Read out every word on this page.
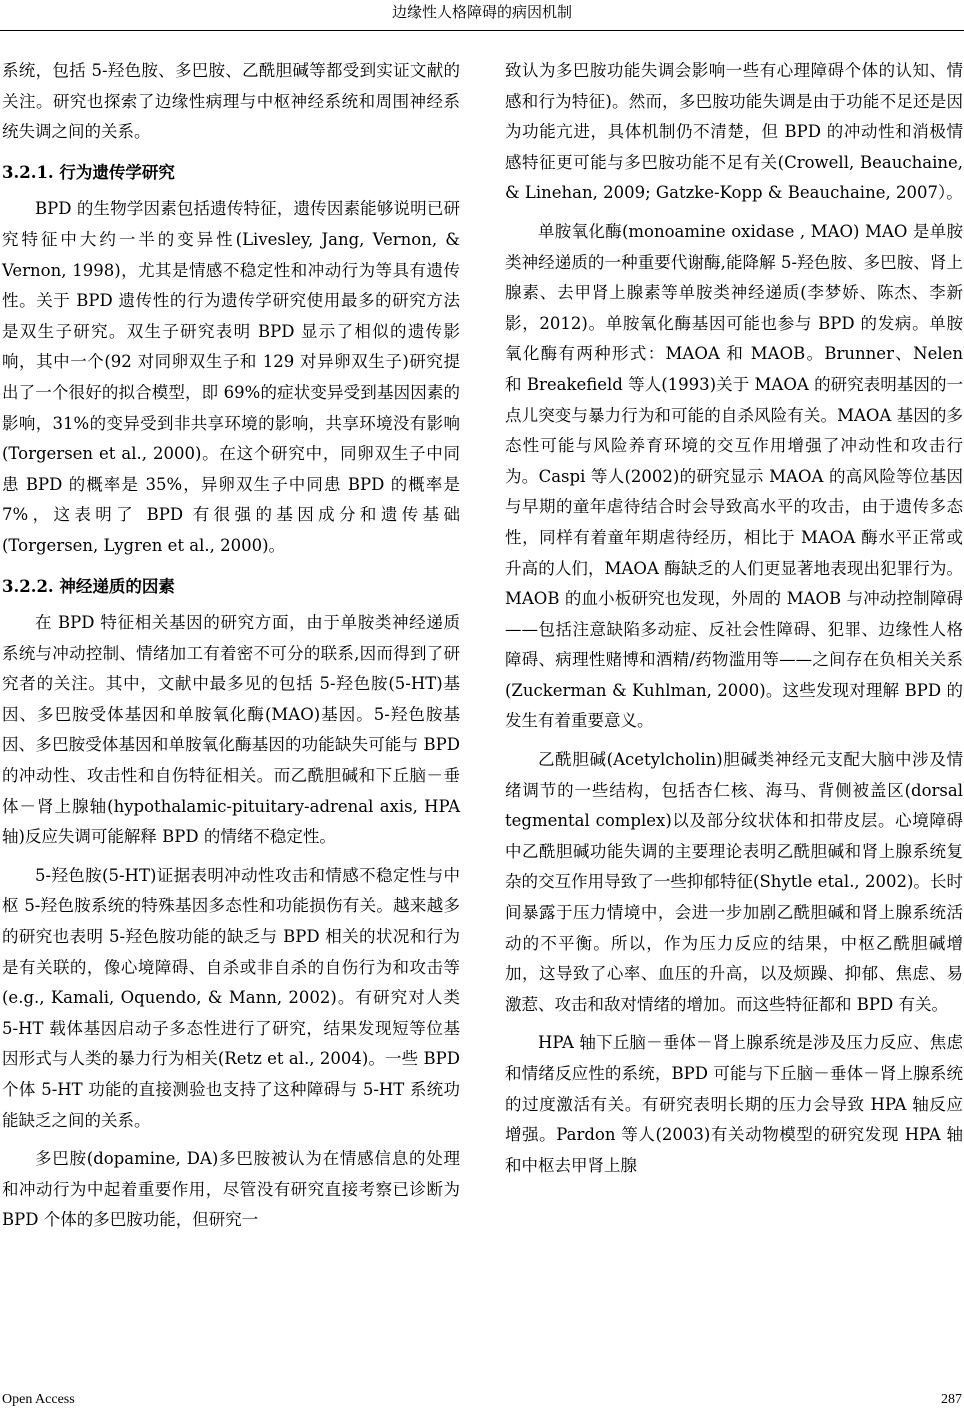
边缘性人格障碍的病因机制

系统，包括 5-羟色胺、多巴胺、乙酰胆碱等都受到实证文献的关注。研究也探索了边缘性病理与中枢神经系统和周围神经系统失调之间的关系。

3.2.1. 行为遗传学研究

BPD 的生物学因素包括遗传特征，遗传因素能够说明已研究特征中大约一半的变异性(Livesley, Jang, Vernon, & Vernon, 1998)，尤其是情感不稳定性和冲动行为等具有遗传性。关于 BPD 遗传性的行为遗传学研究使用最多的研究方法是双生子研究。双生子研究表明 BPD 显示了相似的遗传影响，其中一个(92 对同卵双生子和 129 对异卵双生子)研究提出了一个很好的拟合模型，即 69%的症状变异受到基因因素的影响，31%的变异受到非共享环境的影响，共享环境没有影响(Torgersen et al., 2000)。在这个研究中，同卵双生子中同患 BPD 的概率是 35%，异卵双生子中同患 BPD 的概率是 7%，这表明了 BPD 有很强的基因成分和遗传基础(Torgersen, Lygren et al., 2000)。

3.2.2. 神经递质的因素

在 BPD 特征相关基因的研究方面，由于单胺类神经递质系统与冲动控制、情绪加工有着密不可分的联系,因而得到了研究者的关注。其中，文献中最多见的包括 5-羟色胺(5-HT)基因、多巴胺受体基因和单胺氧化酶(MAO)基因。5-羟色胺基因、多巴胺受体基因和单胺氧化酶基因的功能缺失可能与 BPD 的冲动性、攻击性和自伤特征相关。而乙酰胆碱和下丘脑－垂体－肾上腺轴(hypothalamic-pituitary-adrenal axis, HPA 轴)反应失调可能解释 BPD 的情绪不稳定性。

5-羟色胺(5-HT)证据表明冲动性攻击和情感不稳定性与中枢 5-羟色胺系统的特殊基因多态性和功能损伤有关。越来越多的研究也表明 5-羟色胺功能的缺乏与 BPD 相关的状况和行为是有关联的，像心境障碍、自杀或非自杀的自伤行为和攻击等(e.g., Kamali, Oquendo, & Mann, 2002)。有研究对人类 5-HT 载体基因启动子多态性进行了研究，结果发现短等位基因形式与人类的暴力行为相关(Retz et al., 2004)。一些 BPD 个体 5-HT 功能的直接测验也支持了这种障碍与 5-HT 系统功能缺乏之间的关系。

多巴胺(dopamine, DA)多巴胺被认为在情感信息的处理和冲动行为中起着重要作用，尽管没有研究直接考察已诊断为 BPD 个体的多巴胺功能，但研究一

致认为多巴胺功能失调会影响一些有心理障碍个体的认知、情感和行为特征)。然而，多巴胺功能失调是由于功能不足还是因为功能亢进，具体机制仍不清楚，但 BPD 的冲动性和消极情感特征更可能与多巴胺功能不足有关(Crowell, Beauchaine, & Linehan, 2009; Gatzke-Kopp & Beauchaine, 2007）。

单胺氧化酶(monoamine oxidase , MAO) MAO 是单胺类神经递质的一种重要代谢酶,能降解 5-羟色胺、多巴胺、肾上腺素、去甲肾上腺素等单胺类神经递质(李梦娇、陈杰、李新影，2012)。单胺氧化酶基因可能也参与 BPD 的发病。单胺氧化酶有两种形式：MAOA 和 MAOB。Brunner、Nelen 和 Breakefield 等人(1993)关于 MAOA 的研究表明基因的一点儿突变与暴力行为和可能的自杀风险有关。MAOA 基因的多态性可能与风险养育环境的交互作用增强了冲动性和攻击行为。Caspi 等人(2002)的研究显示 MAOA 的高风险等位基因与早期的童年虐待结合时会导致高水平的攻击，由于遗传多态性，同样有着童年期虐待经历，相比于 MAOA 酶水平正常或升高的人们，MAOA 酶缺乏的人们更显著地表现出犯罪行为。MAOB 的血小板研究也发现，外周的 MAOB 与冲动控制障碍——包括注意缺陷多动症、反社会性障碍、犯罪、边缘性人格障碍、病理性赌博和酒精/药物滥用等——之间存在负相关关系(Zuckerman & Kuhlman, 2000)。这些发现对理解 BPD 的发生有着重要意义。

乙酰胆碱(Acetylcholin)胆碱类神经元支配大脑中涉及情绪调节的一些结构，包括杏仁核、海马、背侧被盖区(dorsal tegmental complex)以及部分纹状体和扣带皮层。心境障碍中乙酰胆碱功能失调的主要理论表明乙酰胆碱和肾上腺系统复杂的交互作用导致了一些抑郁特征(Shytle etal., 2002)。长时间暴露于压力情境中，会进一步加剧乙酰胆碱和肾上腺系统活动的不平衡。所以，作为压力反应的结果，中枢乙酰胆碱增加，这导致了心率、血压的升高，以及烦躁、抑郁、焦虑、易激惹、攻击和敌对情绪的增加。而这些特征都和 BPD 有关。

HPA 轴下丘脑－垂体－肾上腺系统是涉及压力反应、焦虑和情绪反应性的系统，BPD 可能与下丘脑－垂体－肾上腺系统的过度激活有关。有研究表明长期的压力会导致 HPA 轴反应增强。Pardon 等人(2003)有关动物模型的研究发现 HPA 轴和中枢去甲肾上腺

Open Access	287
